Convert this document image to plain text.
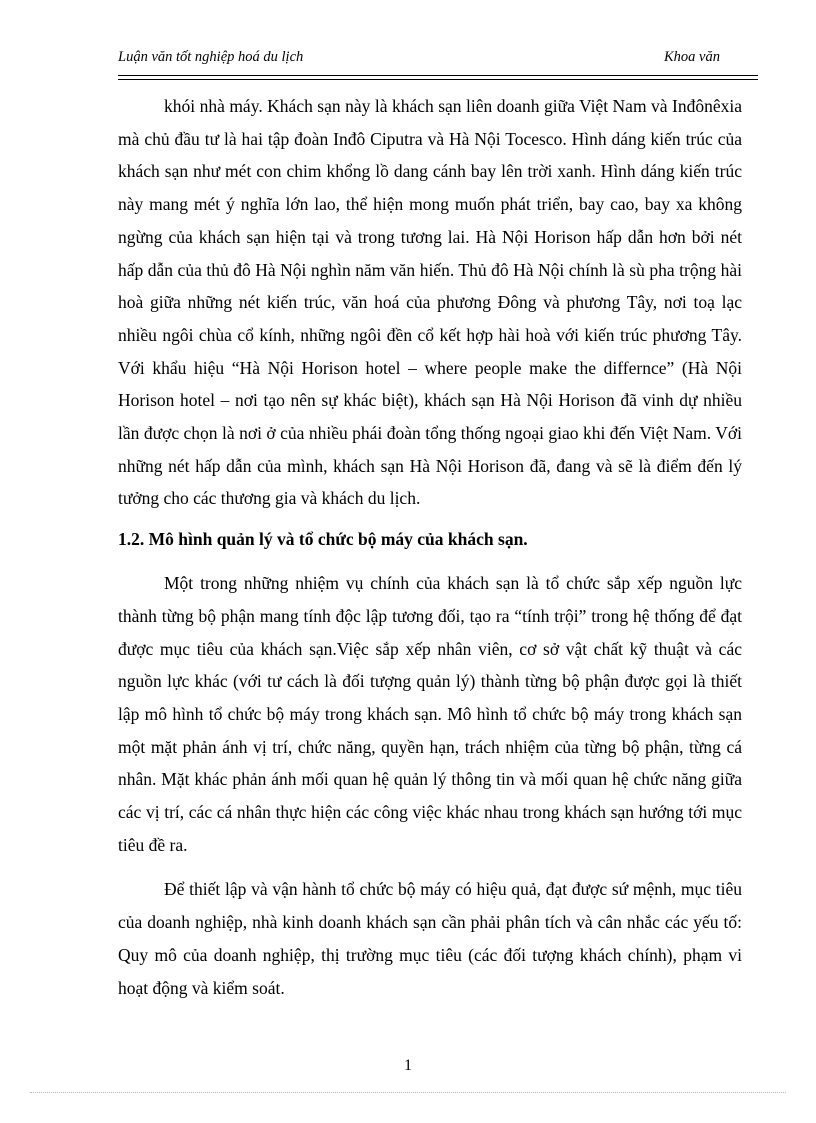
Luận văn tốt nghiệp hoá du lịch	Khoa văn

khói nhà máy. Khách sạn này là khách sạn liên doanh giữa Việt Nam và Inđônêxia mà chủ đầu tư là hai tập đoàn Inđô Ciputra và Hà Nội Tocesco. Hình dáng kiến trúc của khách sạn như mét con chim khổng lồ dang cánh bay lên trời xanh. Hình dáng kiến trúc này mang mét ý nghĩa lớn lao, thể hiện mong muốn phát triển, bay cao, bay xa không ngừng của khách sạn hiện tại và trong tương lai. Hà Nội Horison hấp dẫn hơn bởi nét hấp dẫn của thủ đô Hà Nội nghìn năm văn hiến. Thủ đô Hà Nội chính là sù pha trộng hài hoà giữa những nét kiến trúc, văn hoá của phương Đông và phương Tây, nơi toạ lạc nhiều ngôi chùa cổ kính, những ngôi đền cổ kết hợp hài hoà với kiến trúc phương Tây. Với khẩu hiệu “Hà Nội Horison hotel – where people make the differnce” (Hà Nội Horison hotel – nơi tạo nên sự khác biệt), khách sạn Hà Nội Horison đã vinh dự nhiều lần được chọn là nơi ở của nhiều phái đoàn tổng thống ngoại giao khi đến Việt Nam. Với những nét hấp dẫn của mình, khách sạn Hà Nội Horison đã, đang và sẽ là điểm đến lý tưởng cho các thương gia và khách du lịch.

1.2. Mô hình quản lý và tổ chức bộ máy của khách sạn.

Một trong những nhiệm vụ chính của khách sạn là tổ chức sắp xếp nguồn lực thành từng bộ phận mang tính độc lập tương đối, tạo ra “tính trội” trong hệ thống để đạt được mục tiêu của khách sạn.Việc sắp xếp nhân viên, cơ sở vật chất kỹ thuật và các nguồn lực khác (với tư cách là đối tượng quản lý) thành từng bộ phận được gọi là thiết lập mô hình tổ chức bộ máy trong khách sạn. Mô hình tổ chức bộ máy trong khách sạn một mặt phản ánh vị trí, chức năng, quyền hạn, trách nhiệm của từng bộ phận, từng cá nhân. Mặt khác phản ánh mối quan hệ quản lý thông tin và mối quan hệ chức năng giữa các vị trí, các cá nhân thực hiện các công việc khác nhau trong khách sạn hướng tới mục tiêu đề ra.

Để thiết lập và vận hành tổ chức bộ máy có hiệu quả, đạt được sứ mệnh, mục tiêu của doanh nghiệp, nhà kinh doanh khách sạn cần phải phân tích và cân nhắc các yếu tố: Quy mô của doanh nghiệp, thị trường mục tiêu (các đối tượng khách chính), phạm vi hoạt động và kiểm soát.

1
